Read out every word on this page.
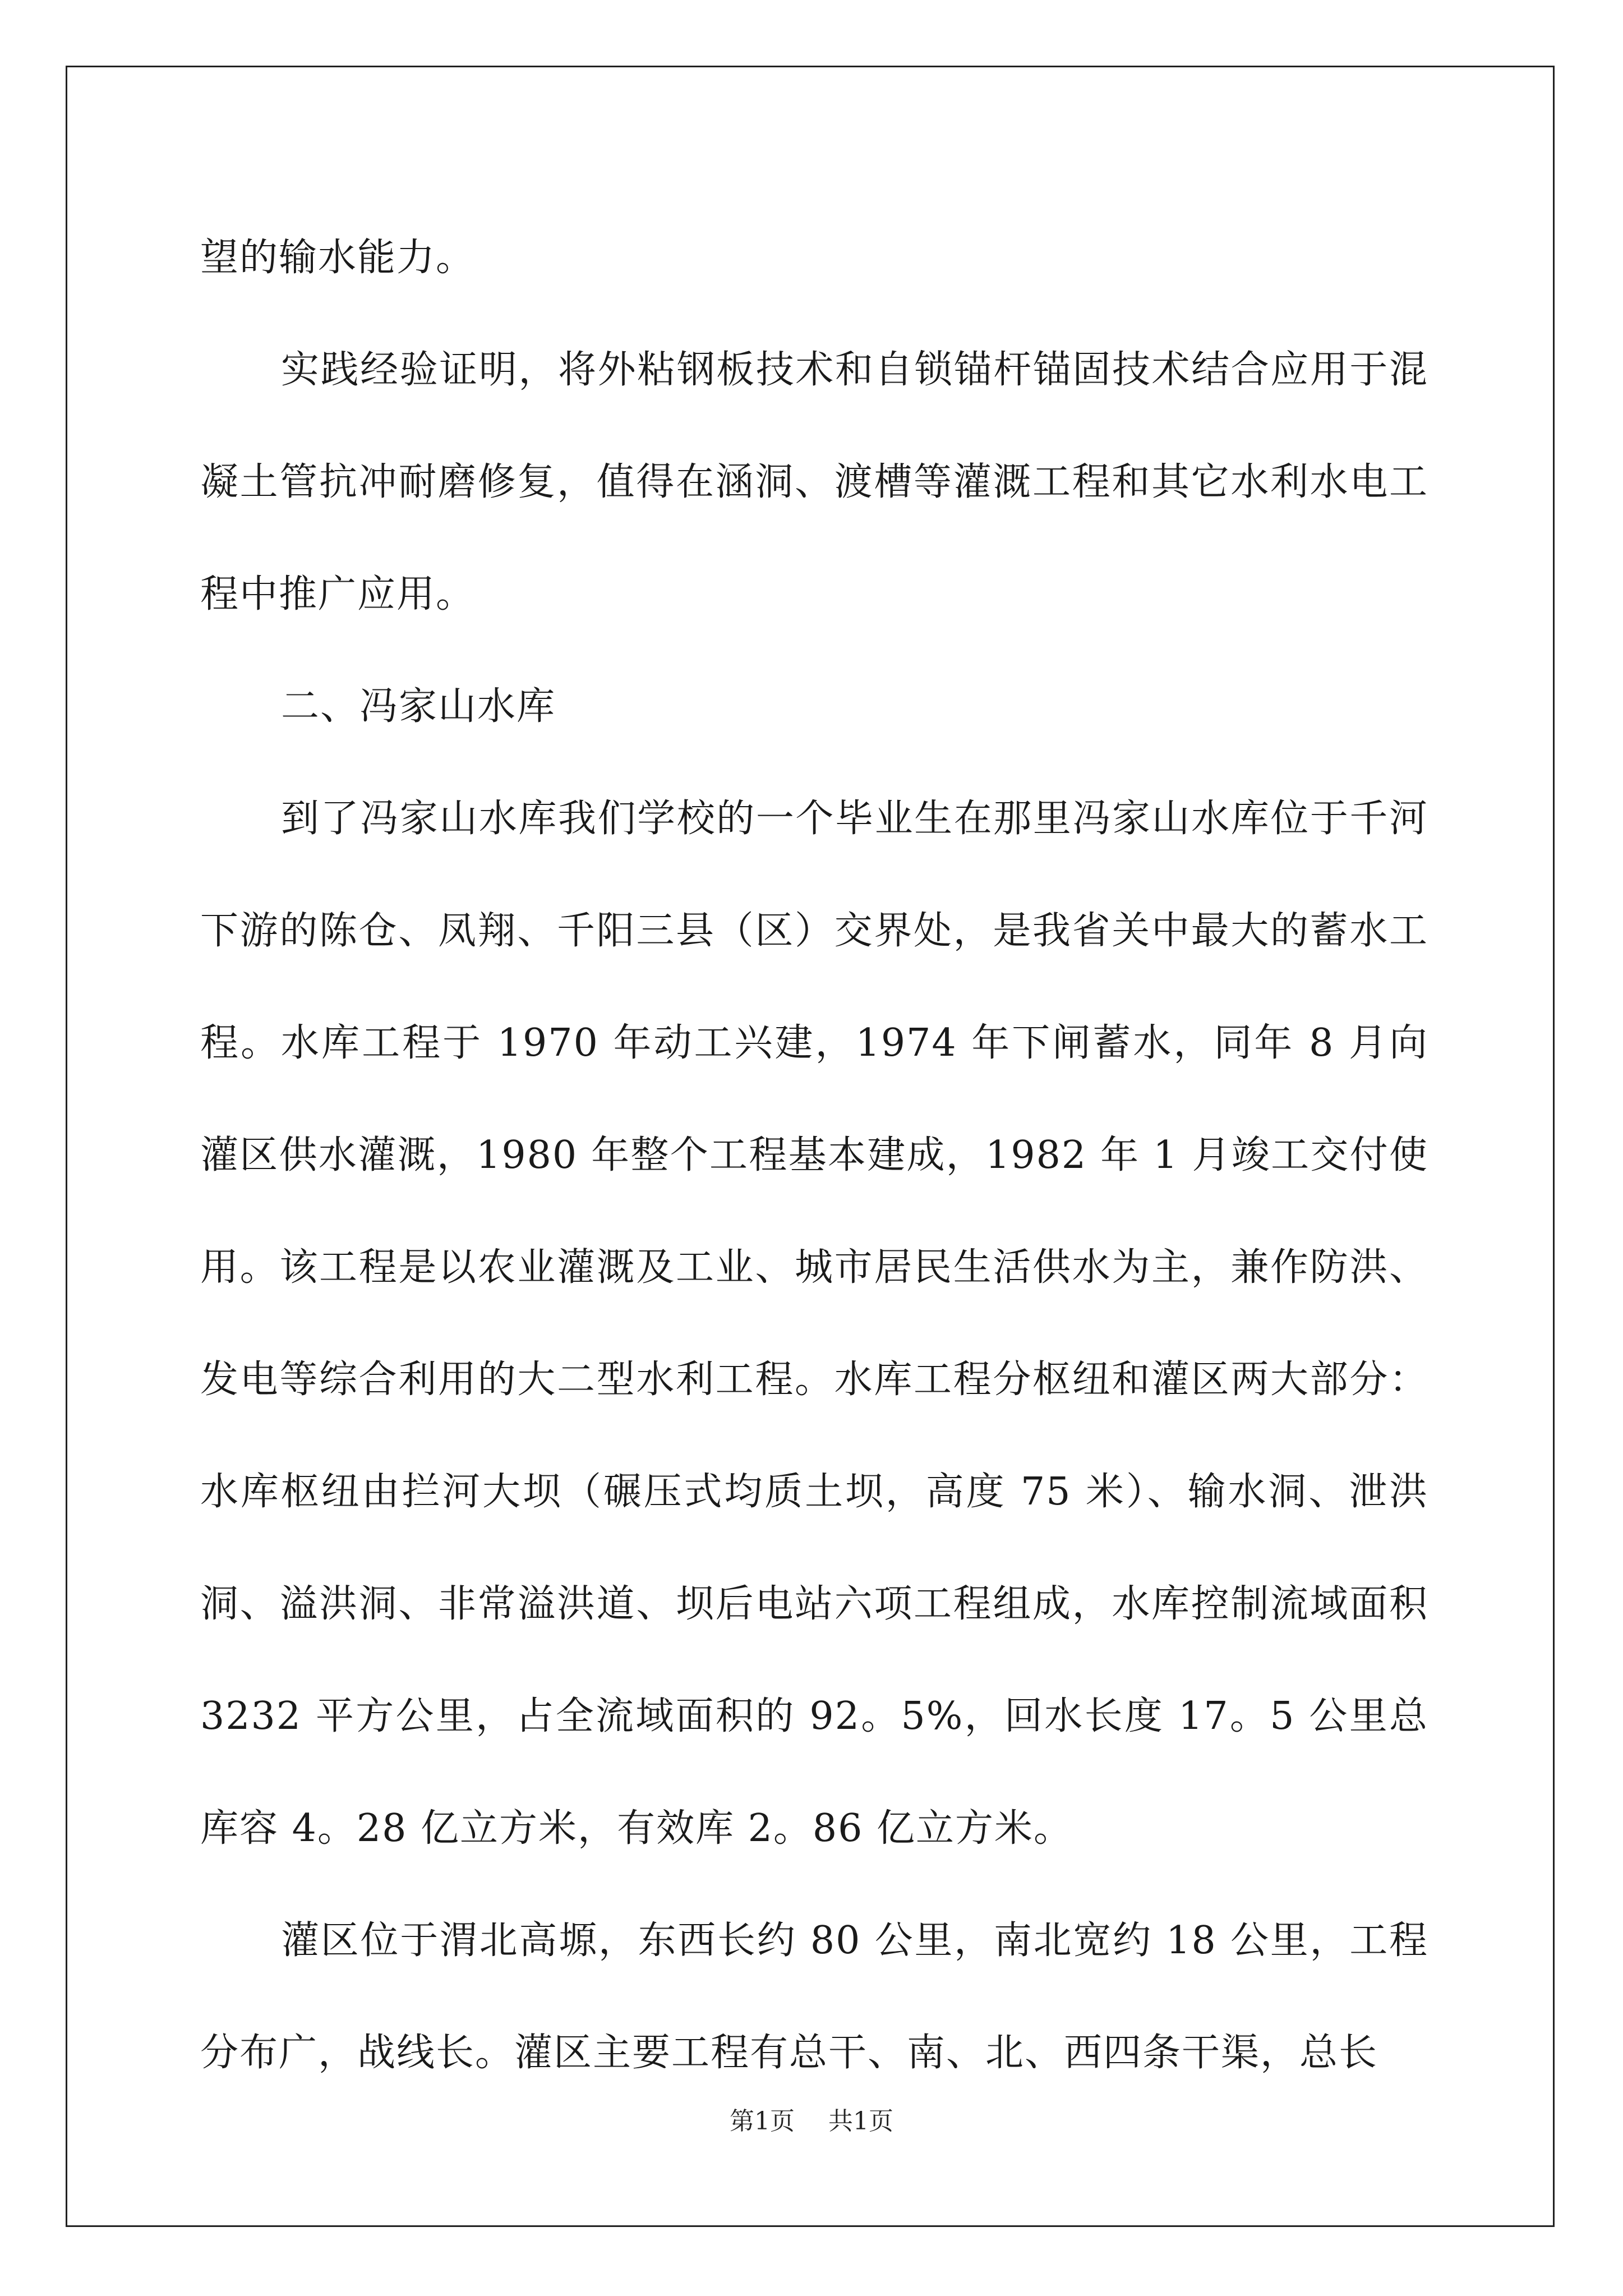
望的输水能力。

实践经验证明，将外粘钢板技术和自锁锚杆锚固技术结合应用于混凝土管抗冲耐磨修复，值得在涵洞、渡槽等灌溉工程和其它水利水电工程中推广应用。

二、冯家山水库

到了冯家山水库我们学校的一个毕业生在那里冯家山水库位于千河下游的陈仓、凤翔、千阳三县（区）交界处，是我省关中最大的蓄水工程。水库工程于 1970 年动工兴建，1974 年下闸蓄水，同年 8 月向灌区供水灌溉，1980 年整个工程基本建成，1982 年 1 月竣工交付使用。该工程是以农业灌溉及工业、城市居民生活供水为主，兼作防洪、发电等综合利用的大二型水利工程。水库工程分枢纽和灌区两大部分：水库枢纽由拦河大坝（碾压式均质土坝，高度 75 米）、输水洞、泄洪洞、溢洪洞、非常溢洪道、坝后电站六项工程组成，水库控制流域面积 3232 平方公里，占全流域面积的 92。5%，回水长度 17。5 公里总库容 4。28 亿立方米，有效库 2。86 亿立方米。

灌区位于渭北高塬，东西长约 80 公里，南北宽约 18 公里，工程分布广，战线长。灌区主要工程有总干、南、北、西四条干渠，总长

第1页 共1页
